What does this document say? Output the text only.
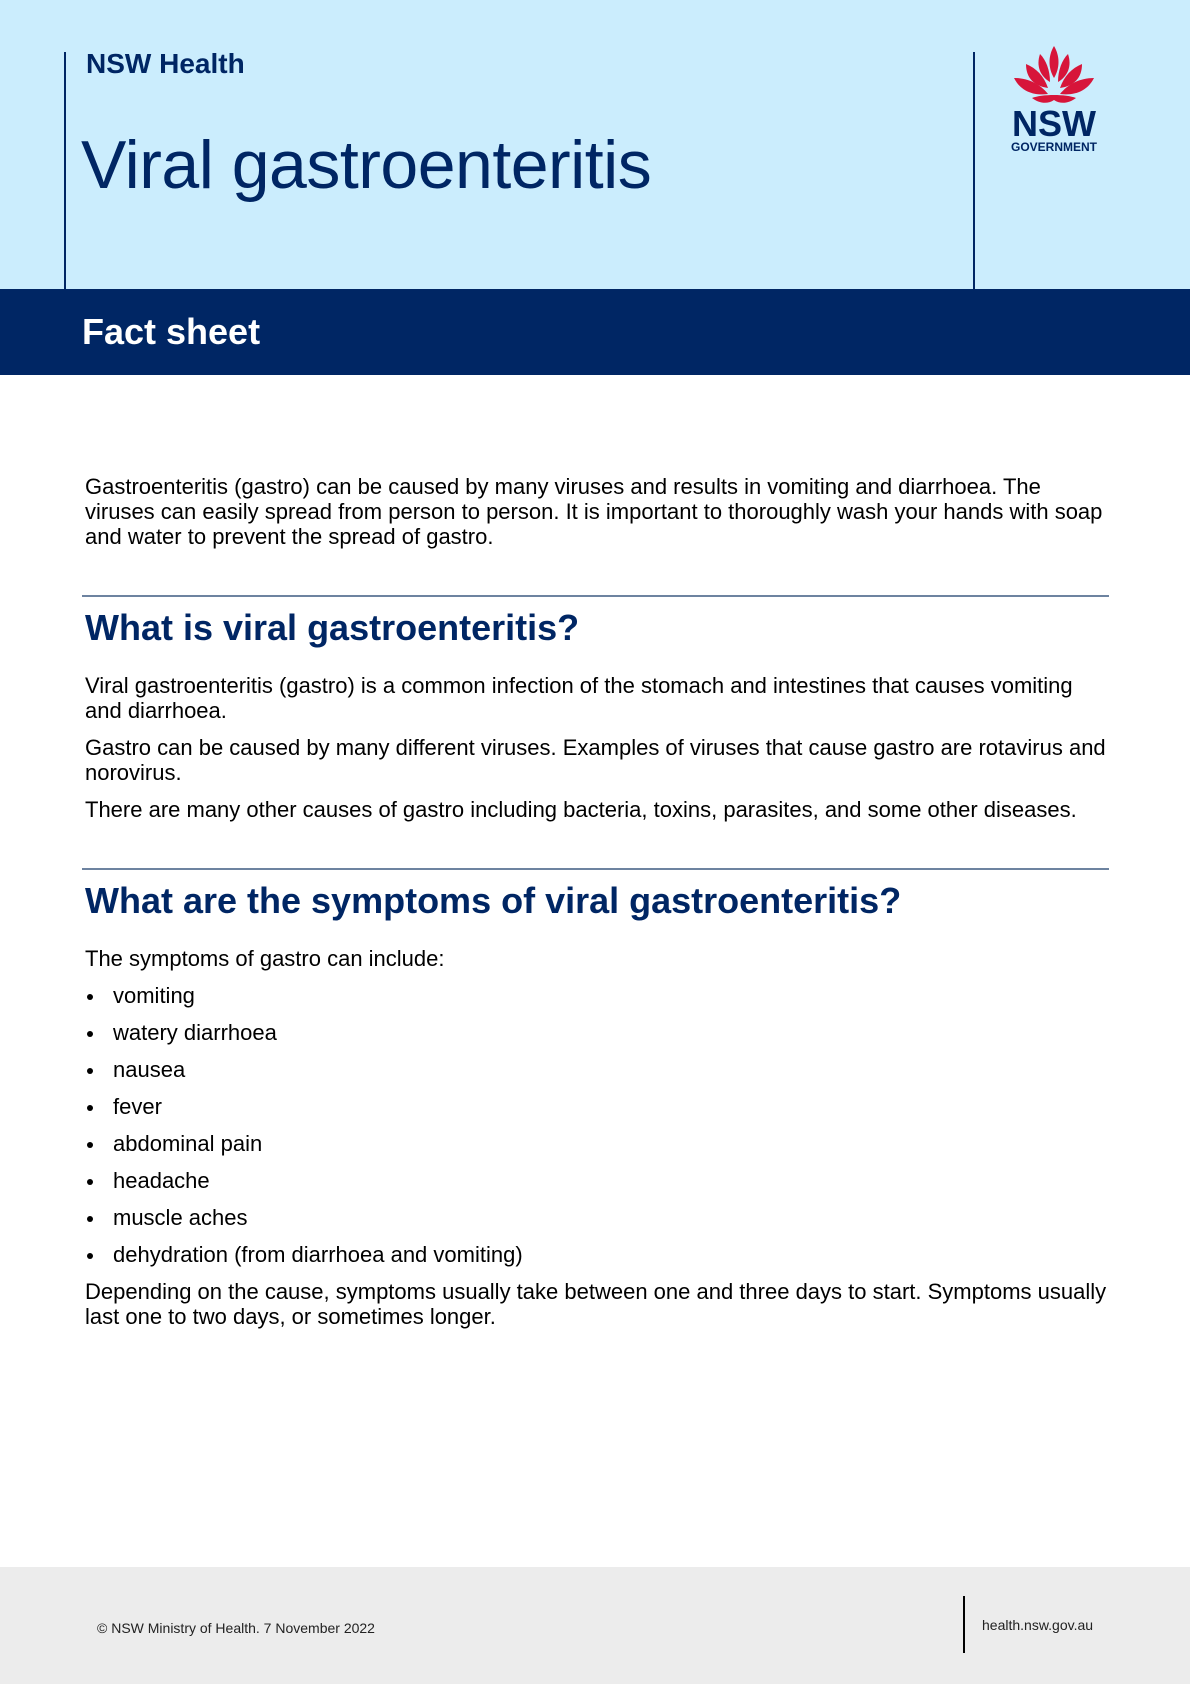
NSW Health
Viral gastroenteritis
NSW
GOVERNMENT
Fact sheet

Gastroenteritis (gastro) can be caused by many viruses and results in vomiting and diarrhoea. The viruses can easily spread from person to person. It is important to thoroughly wash your hands with soap and water to prevent the spread of gastro.

What is viral gastroenteritis?

Viral gastroenteritis (gastro) is a common infection of the stomach and intestines that causes vomiting and diarrhoea.

Gastro can be caused by many different viruses. Examples of viruses that cause gastro are rotavirus and norovirus.

There are many other causes of gastro including bacteria, toxins, parasites, and some other diseases.

What are the symptoms of viral gastroenteritis?

The symptoms of gastro can include:

vomiting
watery diarrhoea
nausea
fever
abdominal pain
headache
muscle aches
dehydration (from diarrhoea and vomiting)

Depending on the cause, symptoms usually take between one and three days to start. Symptoms usually last one to two days, or sometimes longer.

© NSW Ministry of Health. 7 November 2022	health.nsw.gov.au
